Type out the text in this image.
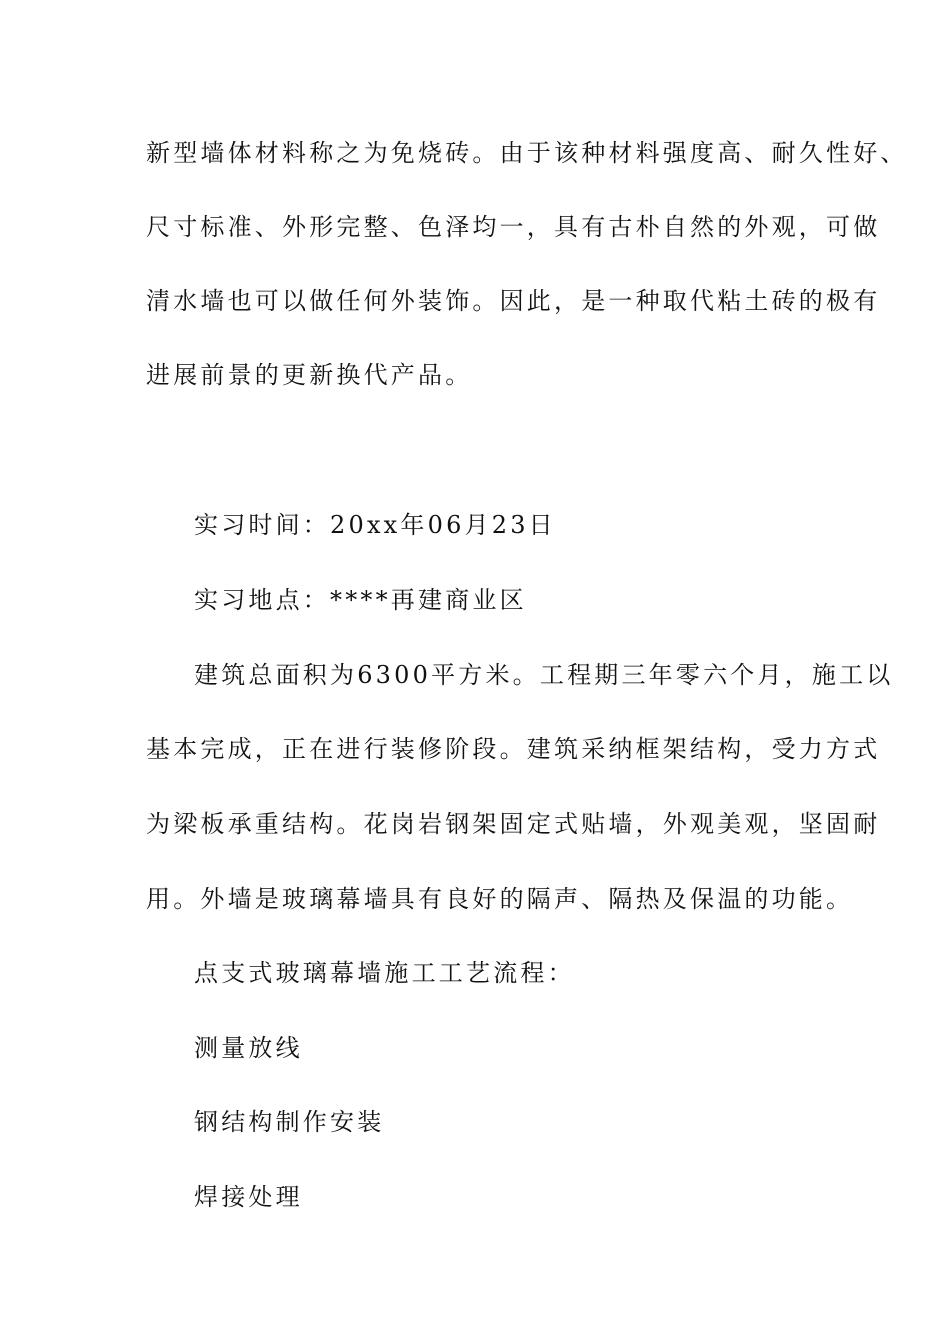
新型墙体材料称之为免烧砖。由于该种材料强度高、耐久性好、
尺寸标准、外形完整、色泽均一，具有古朴自然的外观，可做
清水墙也可以做任何外装饰。因此，是一种取代粘土砖的极有
进展前景的更新换代产品。
实习时间：20xx年06月23日
实习地点：****再建商业区
建筑总面积为6300平方米。工程期三年零六个月，施工以
基本完成，正在进行装修阶段。建筑采纳框架结构，受力方式
为梁板承重结构。花岗岩钢架固定式贴墙，外观美观，坚固耐
用。外墙是玻璃幕墙具有良好的隔声、隔热及保温的功能。
点支式玻璃幕墙施工工艺流程：
测量放线
钢结构制作安装
焊接处理
